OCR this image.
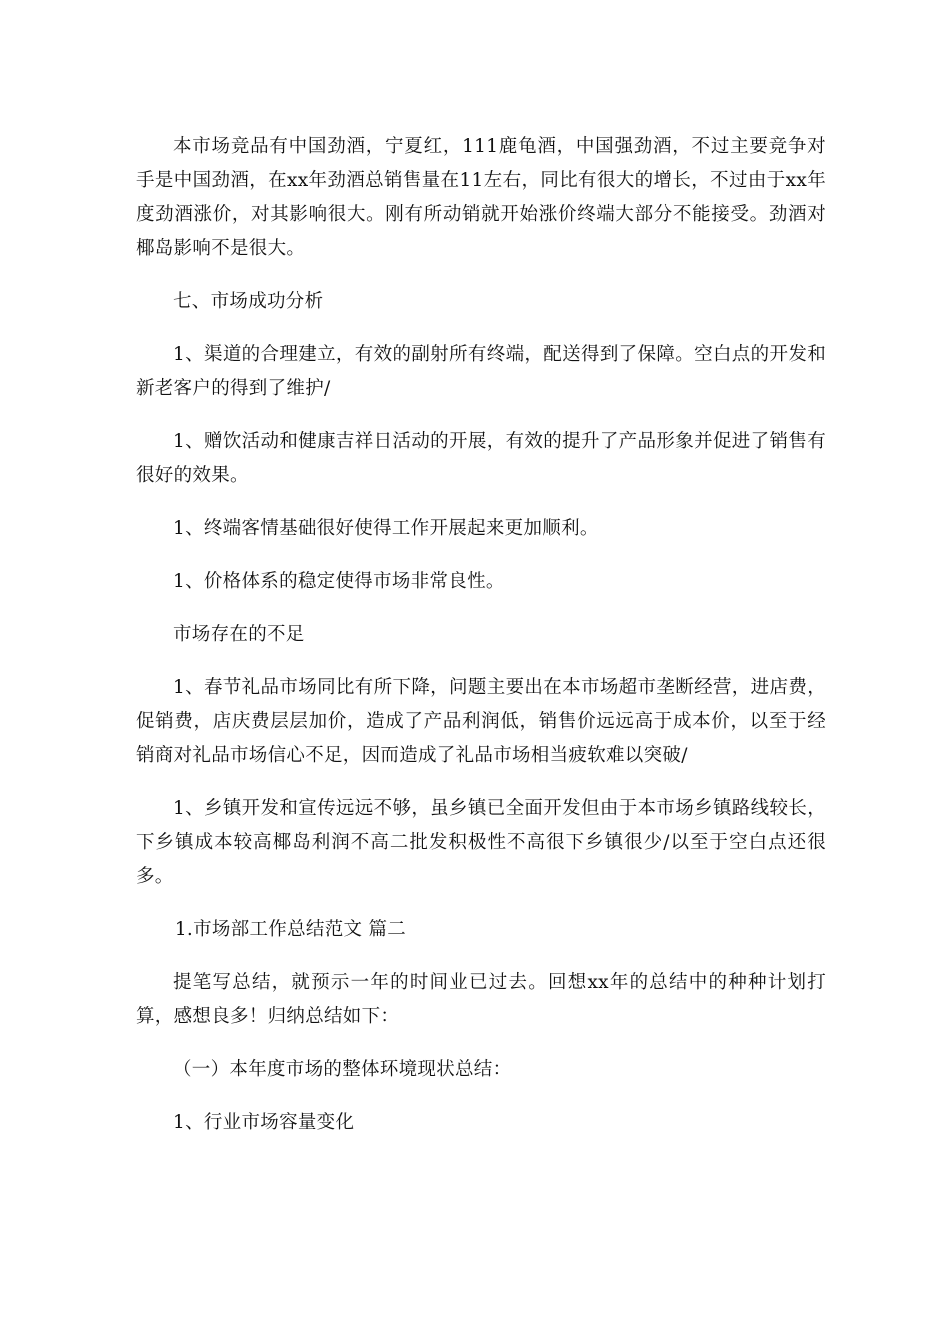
本市场竞品有中国劲酒，宁夏红，111鹿龟酒，中国强劲酒，不过主要竞争对手是中国劲酒，在xx年劲酒总销售量在11左右，同比有很大的增长，不过由于xx年度劲酒涨价，对其影响很大。刚有所动销就开始涨价终端大部分不能接受。劲酒对椰岛影响不是很大。

七、市场成功分析

1、渠道的合理建立，有效的副射所有终端，配送得到了保障。空白点的开发和新老客户的得到了维护/

1、赠饮活动和健康吉祥日活动的开展，有效的提升了产品形象并促进了销售有很好的效果。

1、终端客情基础很好使得工作开展起来更加顺利。

1、价格体系的稳定使得市场非常良性。

市场存在的不足

1、春节礼品市场同比有所下降，问题主要出在本市场超市垄断经营，进店费，促销费，店庆费层层加价，造成了产品利润低，销售价远远高于成本价，以至于经销商对礼品市场信心不足，因而造成了礼品市场相当疲软难以突破/

1、乡镇开发和宣传远远不够，虽乡镇已全面开发但由于本市场乡镇路线较长，下乡镇成本较高椰岛利润不高二批发积极性不高很下乡镇很少/以至于空白点还很多。

1.市场部工作总结范文 篇二

提笔写总结，就预示一年的时间业已过去。回想xx年的总结中的种种计划打算，感想良多！归纳总结如下：

（一）本年度市场的整体环境现状总结：

1、行业市场容量变化
